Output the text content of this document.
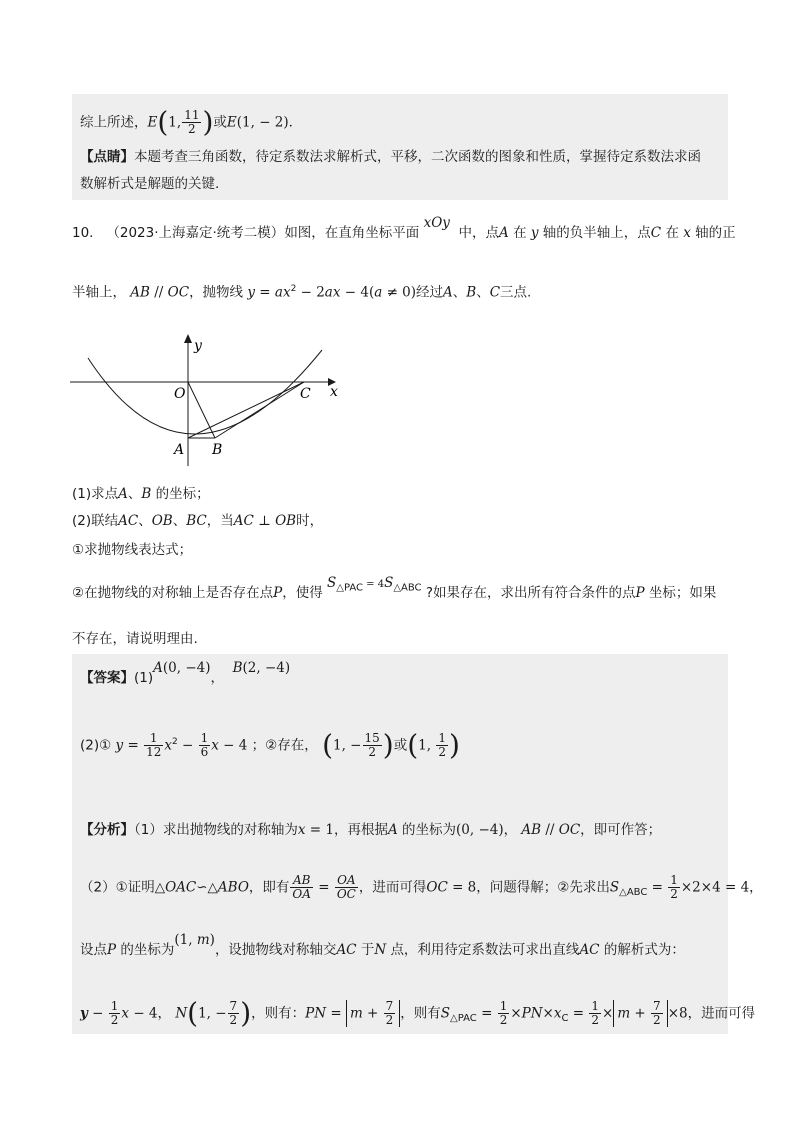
综上所述，E(1, $\frac{11}{2}$ )或E(1, − 2)．
【点睛】本题考查三角函数，待定系数法求解析式，平移，二次函数的图象和性质，掌握待定系数法求函
数解析式是解题的关键.
10. （2023·上海嘉定·统考二模）如图，在直角坐标平面 xOy  中，点A 在 y 轴的负半轴上，点C 在 x 轴的正
半轴上， AB // OC，抛物线 $y = ax^2 - 2ax - 4(a \ne 0)$经过A、B、C三点.
y
x
O	C
A B
(1)求点A、B 的坐标；
(2)联结AC、OB、BC，当AC ⊥ OB时，
①求抛物线表达式；
②在抛物线的对称轴上是否存在点P，使得 $S_{\triangle PAC} = 4S_{\triangle ABC}$ ?如果存在，求出所有符合条件的点P 坐标；如果
不存在，请说明理由.
【答案】(1)A(0, −4)，  B(2, −4)
(2)① $y = \frac{1}{12} x^2 - \frac{1}{6}$ x − 4 ；②存在， (1, − $\frac{15}{2}$ )或(1, $\frac{1}{2}$ )
【分析】（1）求出抛物线的对称轴为x = 1，再根据A 的坐标为(0, −4)， AB // OC，即可作答；
（2）①证明△OAC∽△ABO，即有 $\frac{AB}{OA} = \frac{OA}{OC}$ ，进而可得OC = 8，问题得解；②先求出$S_{\triangle ABC} = \frac{1}{2} \times 2\times 4 = 4$，
设点P 的坐标为(1, m)，设抛物线对称轴交AC 于N 点，利用待定系数法可求出直线AC 的解析式为：
$y - \frac{1}{2}$ x − 4， N(1, − $\frac{7}{2}$ )，则有：PN = $m + \frac{7}{2}$ ，则有$S_{\triangle PAC} = \frac{1}{2} \times PN\times x_C = \frac{1}{2} \times m + \frac{7}{2} \times 8$，进而可得
